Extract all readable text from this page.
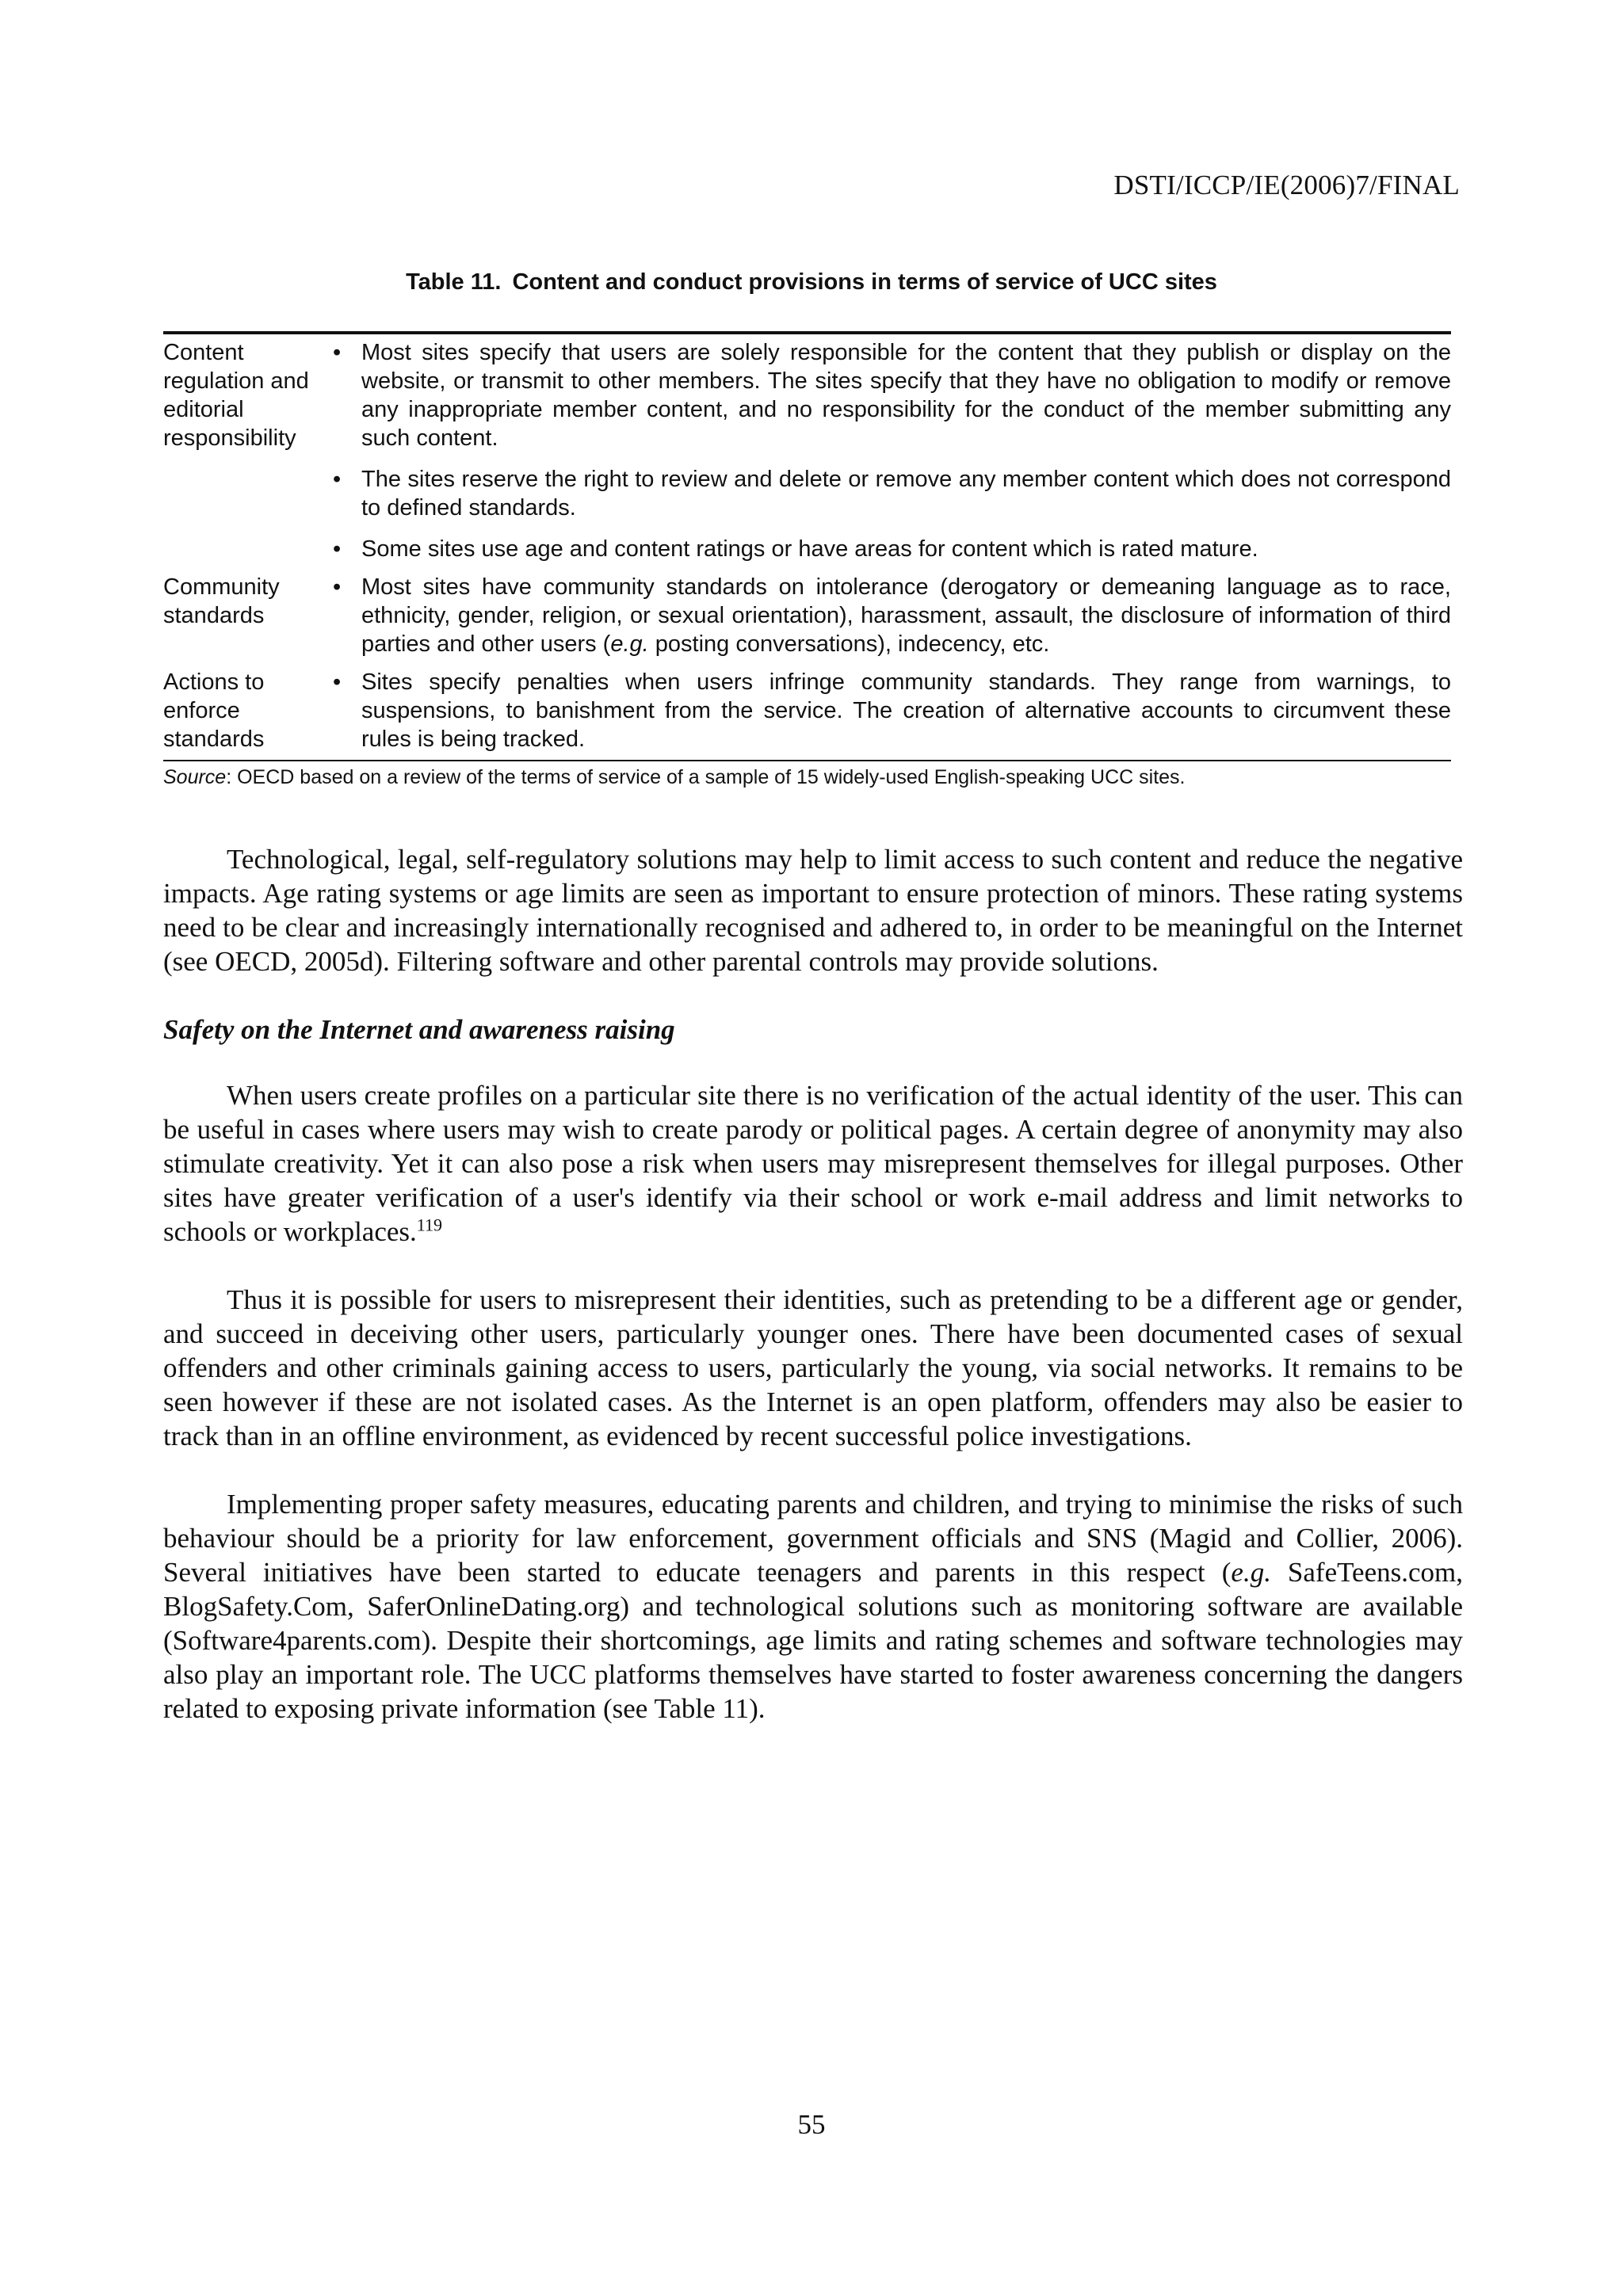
DSTI/ICCP/IE(2006)7/FINAL
Table 11. Content and conduct provisions in terms of service of UCC sites
Content regulation and editorial responsibility
• Most sites specify that users are solely responsible for the content that they publish or display on the website, or transmit to other members. The sites specify that they have no obligation to modify or remove any inappropriate member content, and no responsibility for the conduct of the member submitting any such content.
• The sites reserve the right to review and delete or remove any member content which does not correspond to defined standards.
• Some sites use age and content ratings or have areas for content which is rated mature.
Community standards
• Most sites have community standards on intolerance (derogatory or demeaning language as to race, ethnicity, gender, religion, or sexual orientation), harassment, assault, the disclosure of information of third parties and other users (e.g. posting conversations), indecency, etc.
Actions to enforce standards
• Sites specify penalties when users infringe community standards. They range from warnings, to suspensions, to banishment from the service. The creation of alternative accounts to circumvent these rules is being tracked.
Source: OECD based on a review of the terms of service of a sample of 15 widely-used English-speaking UCC sites.

Technological, legal, self-regulatory solutions may help to limit access to such content and reduce the negative impacts. Age rating systems or age limits are seen as important to ensure protection of minors. These rating systems need to be clear and increasingly internationally recognised and adhered to, in order to be meaningful on the Internet (see OECD, 2005d). Filtering software and other parental controls may provide solutions.

Safety on the Internet and awareness raising

When users create profiles on a particular site there is no verification of the actual identity of the user. This can be useful in cases where users may wish to create parody or political pages. A certain degree of anonymity may also stimulate creativity. Yet it can also pose a risk when users may misrepresent themselves for illegal purposes. Other sites have greater verification of a user's identify via their school or work e-mail address and limit networks to schools or workplaces.$^{119}$

Thus it is possible for users to misrepresent their identities, such as pretending to be a different age or gender, and succeed in deceiving other users, particularly younger ones. There have been documented cases of sexual offenders and other criminals gaining access to users, particularly the young, via social networks. It remains to be seen however if these are not isolated cases. As the Internet is an open platform, offenders may also be easier to track than in an offline environment, as evidenced by recent successful police investigations.

Implementing proper safety measures, educating parents and children, and trying to minimise the risks of such behaviour should be a priority for law enforcement, government officials and SNS (Magid and Collier, 2006). Several initiatives have been started to educate teenagers and parents in this respect (e.g. SafeTeens.com, BlogSafety.Com, SaferOnlineDating.org) and technological solutions such as monitoring software are available (Software4parents.com). Despite their shortcomings, age limits and rating schemes and software technologies may also play an important role. The UCC platforms themselves have started to foster awareness concerning the dangers related to exposing private information (see Table 11).

55
